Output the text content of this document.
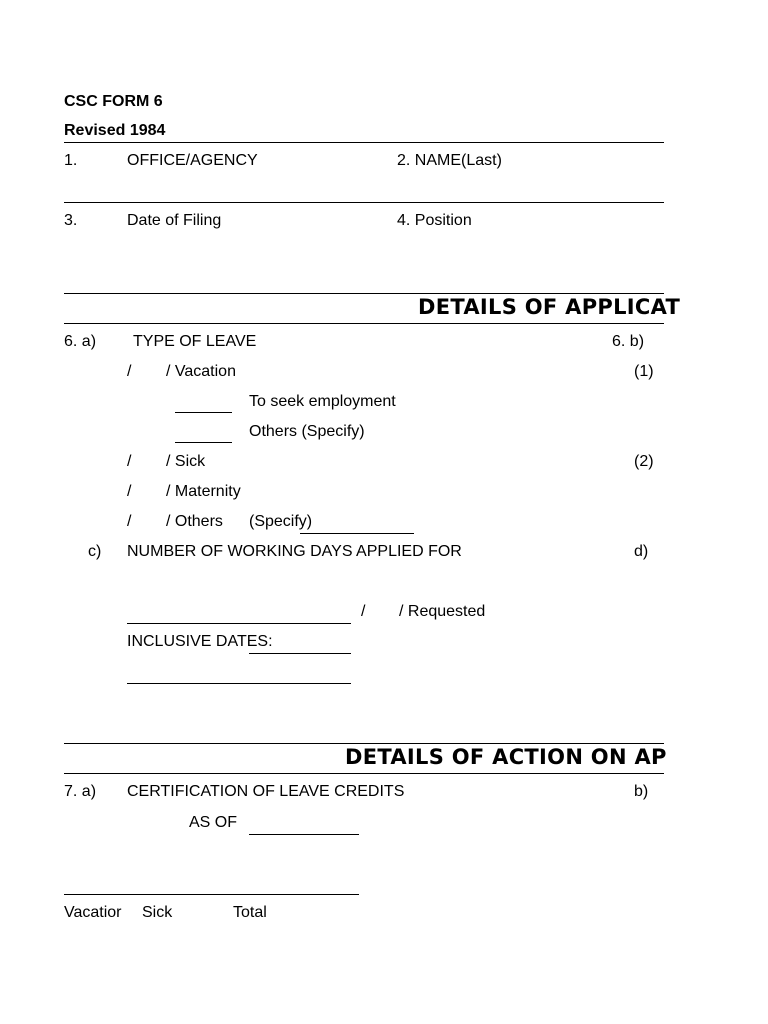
CSC FORM 6
Revised 1984
1.	OFFICE/AGENCY	2. NAME(Last)
3.	Date of Filing	4. Position
DETAILS OF APPLICAT
6. a) TYPE OF LEAVE	6. b)
/ / Vacation	(1)
To seek employment
Others (Specify)
/ / Sick	(2)
/ / Maternity
/ / Others (Specify)
c) NUMBER OF WORKING DAYS APPLIED FOR	d)
/ / Requested
INCLUSIVE DATES:
DETAILS OF ACTION ON AP
7. a) CERTIFICATION OF LEAVE CREDITS	b)
AS OF
Vacatior	Sick	Total
